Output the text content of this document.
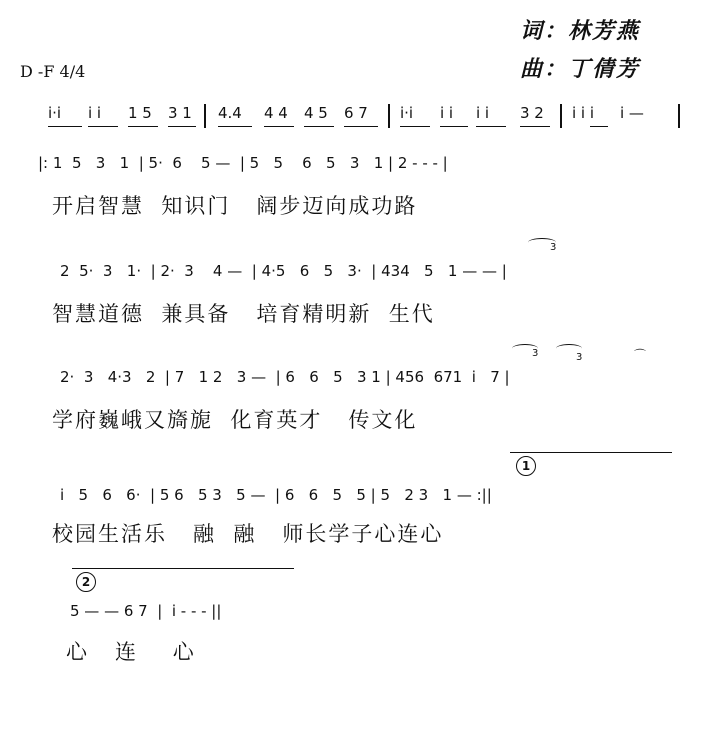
词：林芳燕
曲：丁倩芳
D -F 4/4
i·i i i 1 5 3 1 4.4 4 4 4 5 6 7 i·i i i i i 3 2 i i i i —
|: 1  5   3   1  | 5·  6    5 —  | 5   5    6   5   3   1 | 2 - - - |
开启智慧  知识门   阔步迈向成功路
2  5·  3   1·  | 2·  3    4 —  | 4·5   6   5   3·  | 434   5   1 — — |
3
智慧道德  兼具备   培育精明新  生代
2·  3   4·3   2  | 7   1 2   3 —  | 6   6   5   3 1 | 456  671  i   7 |
3	3	⌒
学府巍峨又旖旎  化育英才   传文化
1
i   5   6   6·  | 5 6   5 3   5 —  | 6   6   5   5 | 5   2 3   1 — :||
校园生活乐   融  融   师长学子心连心
2
5 — — 6 7  |  i - - - ||
心   连    心
